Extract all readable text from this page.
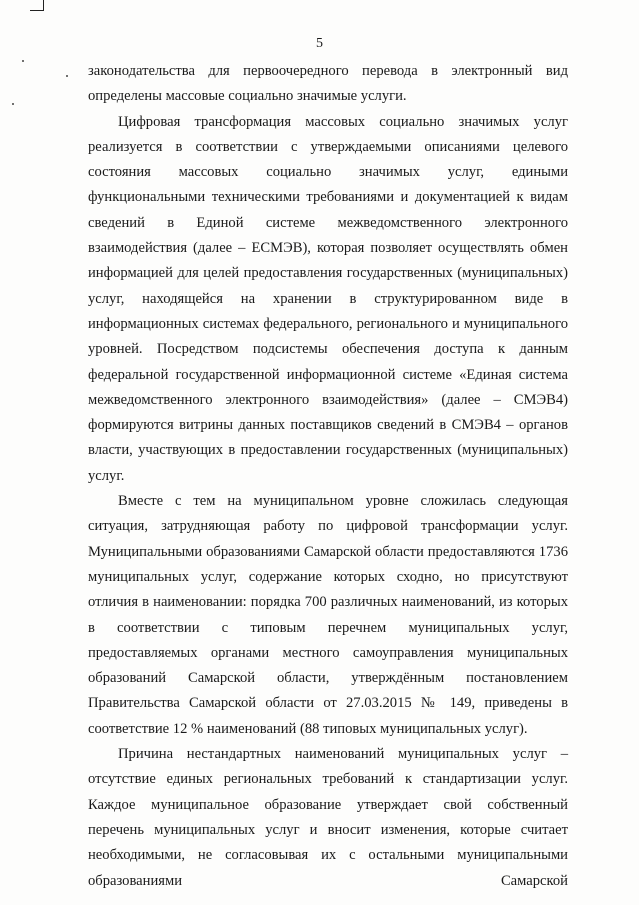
5

законодательства для первоочередного перевода в электронный вид определены массовые социально значимые услуги.

Цифровая трансформация массовых социально значимых услуг реализуется в соответствии с утверждаемыми описаниями целевого состояния массовых социально значимых услуг, едиными функциональными техническими требованиями и документацией к видам сведений в Единой системе межведомственного электронного взаимодействия (далее – ЕСМЭВ), которая позволяет осуществлять обмен информацией для целей предоставления государственных (муниципальных) услуг, находящейся на хранении в структурированном виде в информационных системах федерального, регионального и муниципального уровней. Посредством подсистемы обеспечения доступа к данным федеральной государственной информационной системе «Единая система межведомственного электронного взаимодействия» (далее – СМЭВ4) формируются витрины данных поставщиков сведений в СМЭВ4 – органов власти, участвующих в предоставлении государственных (муниципальных) услуг.

Вместе с тем на муниципальном уровне сложилась следующая ситуация, затрудняющая работу по цифровой трансформации услуг. Муниципальными образованиями Самарской области предоставляются 1736 муниципальных услуг, содержание которых сходно, но присутствуют отличия в наименовании: порядка 700 различных наименований, из которых в соответствии с типовым перечнем муниципальных услуг, предоставляемых органами местного самоуправления муниципальных образований Самарской области, утверждённым постановлением Правительства Самарской области от 27.03.2015 № 149, приведены в соответствие 12 % наименований (88 типовых муниципальных услуг).

Причина нестандартных наименований муниципальных услуг – отсутствие единых региональных требований к стандартизации услуг. Каждое муниципальное образование утверждает свой собственный перечень муниципальных услуг и вносит изменения, которые считает необходимыми, не согласовывая их с остальными муниципальными образованиями Самарской
